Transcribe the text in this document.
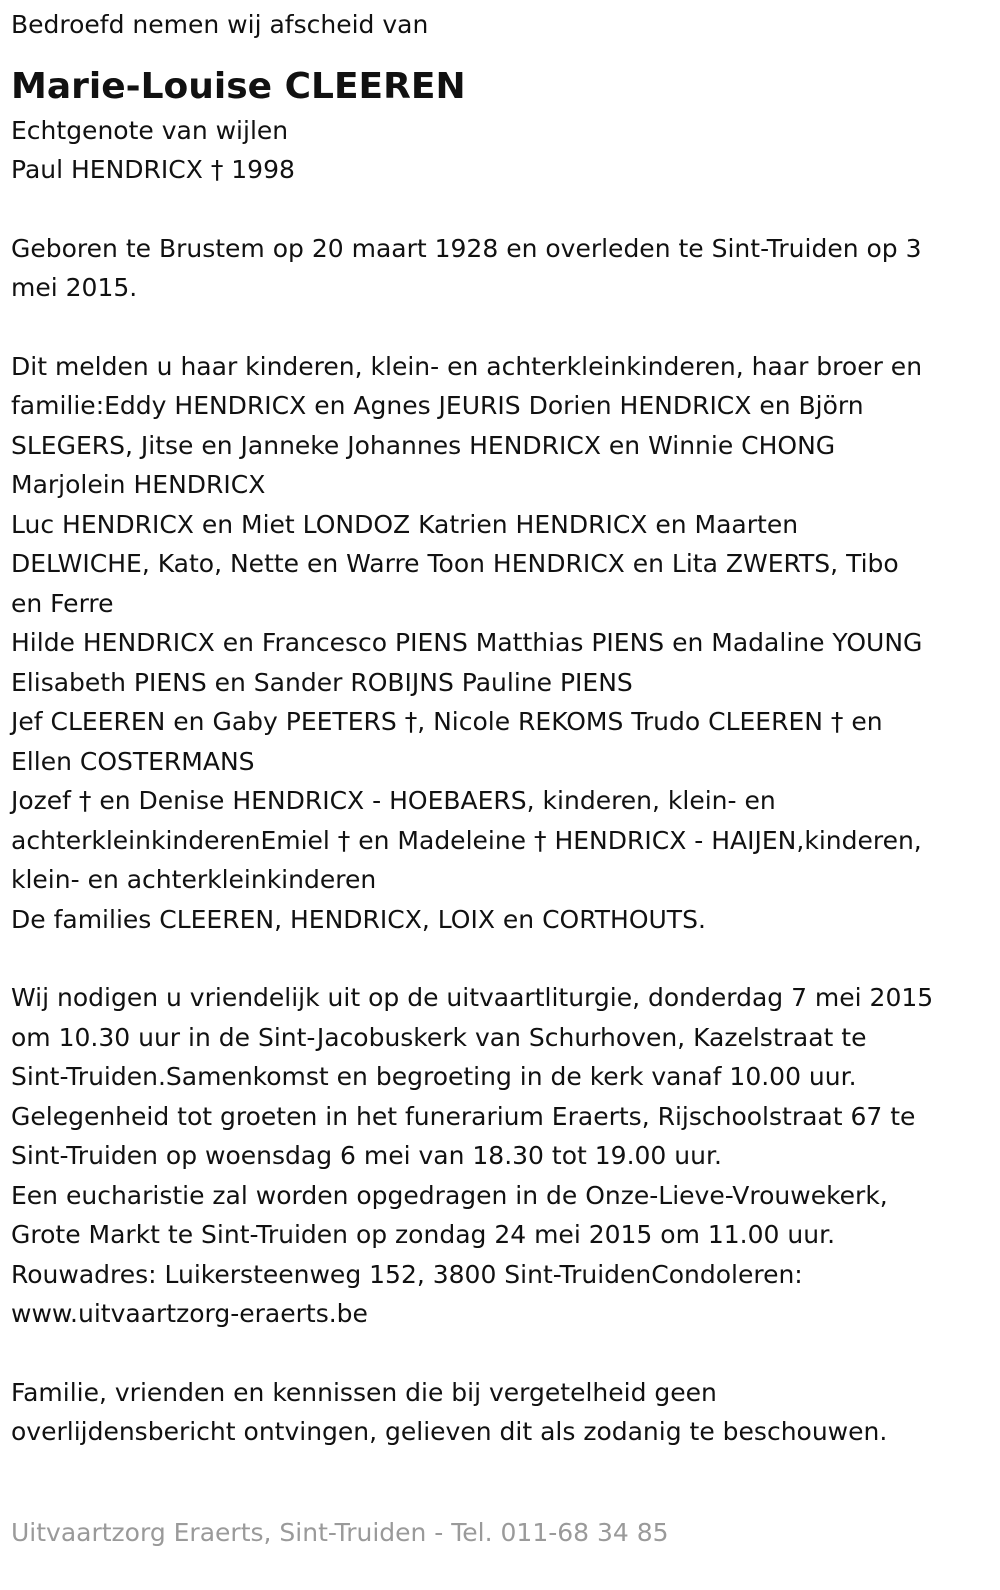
Bedroefd nemen wij afscheid van
Marie-Louise CLEEREN
Echtgenote van wijlen
Paul HENDRICX † 1998
Geboren te Brustem op 20 maart 1928 en overleden te Sint-Truiden op 3
mei 2015.
Dit melden u haar kinderen, klein- en achterkleinkinderen, haar broer en
familie:Eddy HENDRICX en Agnes JEURIS Dorien HENDRICX en Björn
SLEGERS, Jitse en Janneke Johannes HENDRICX en Winnie CHONG
Marjolein HENDRICX
Luc HENDRICX en Miet LONDOZ Katrien HENDRICX en Maarten
DELWICHE, Kato, Nette en Warre Toon HENDRICX en Lita ZWERTS, Tibo
en Ferre
Hilde HENDRICX en Francesco PIENS Matthias PIENS en Madaline YOUNG
Elisabeth PIENS en Sander ROBIJNS Pauline PIENS
Jef CLEEREN en Gaby PEETERS †, Nicole REKOMS Trudo CLEEREN † en
Ellen COSTERMANS
Jozef † en Denise HENDRICX - HOEBAERS, kinderen, klein- en
achterkleinkinderenEmiel † en Madeleine † HENDRICX - HAIJEN,kinderen,
klein- en achterkleinkinderen
De families CLEEREN, HENDRICX, LOIX en CORTHOUTS.
Wij nodigen u vriendelijk uit op de uitvaartliturgie, donderdag 7 mei 2015
om 10.30 uur in de Sint-Jacobuskerk van Schurhoven, Kazelstraat te
Sint-Truiden.Samenkomst en begroeting in de kerk vanaf 10.00 uur.
Gelegenheid tot groeten in het funerarium Eraerts, Rijschoolstraat 67 te
Sint-Truiden op woensdag 6 mei van 18.30 tot 19.00 uur.
Een eucharistie zal worden opgedragen in de Onze-Lieve-Vrouwekerk,
Grote Markt te Sint-Truiden op zondag 24 mei 2015 om 11.00 uur.
Rouwadres: Luikersteenweg 152, 3800 Sint-TruidenCondoleren:
www.uitvaartzorg-eraerts.be
Familie, vrienden en kennissen die bij vergetelheid geen
overlijdensbericht ontvingen, gelieven dit als zodanig te beschouwen.
Uitvaartzorg Eraerts, Sint-Truiden - Tel. 011-68 34 85
